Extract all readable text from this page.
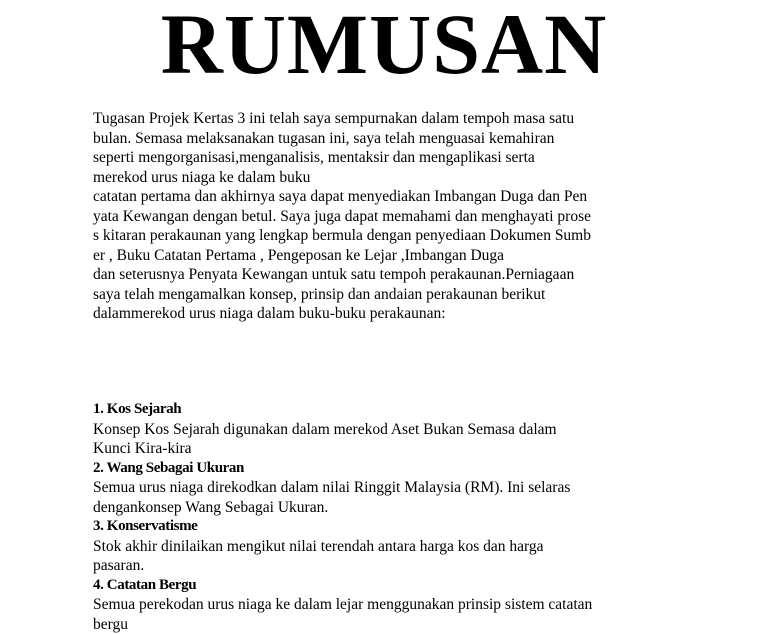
RUMUSAN
Tugasan Projek Kertas 3 ini telah saya sempurnakan dalam tempoh masa satu
bulan. Semasa melaksanakan tugasan ini, saya telah menguasai kemahiran
seperti mengorganisasi,menganalisis, mentaksir dan mengaplikasi serta
merekod urus niaga ke dalam buku
catatan pertama dan akhirnya saya dapat menyediakan Imbangan Duga dan Pen
yata Kewangan dengan betul. Saya juga dapat memahami dan menghayati prose
s kitaran perakaunan yang lengkap bermula dengan penyediaan Dokumen Sumb
er , Buku Catatan Pertama , Pengeposan ke Lejar ,Imbangan Duga
dan seterusnya Penyata Kewangan untuk satu tempoh perakaunan.Perniagaan
saya telah mengamalkan konsep, prinsip dan andaian perakaunan berikut
dalammerekod urus niaga dalam buku-buku perakaunan:
1. Kos Sejarah
Konsep Kos Sejarah digunakan dalam merekod Aset Bukan Semasa dalam
Kunci Kira-kira
2. Wang Sebagai Ukuran
Semua urus niaga direkodkan dalam nilai Ringgit Malaysia (RM). Ini selaras
dengankonsep Wang Sebagai Ukuran.
3. Konservatisme
Stok akhir dinilaikan mengikut nilai terendah antara harga kos dan harga
pasaran.
4. Catatan Bergu
Semua perekodan urus niaga ke dalam lejar menggunakan prinsip sistem catatan
bergu
